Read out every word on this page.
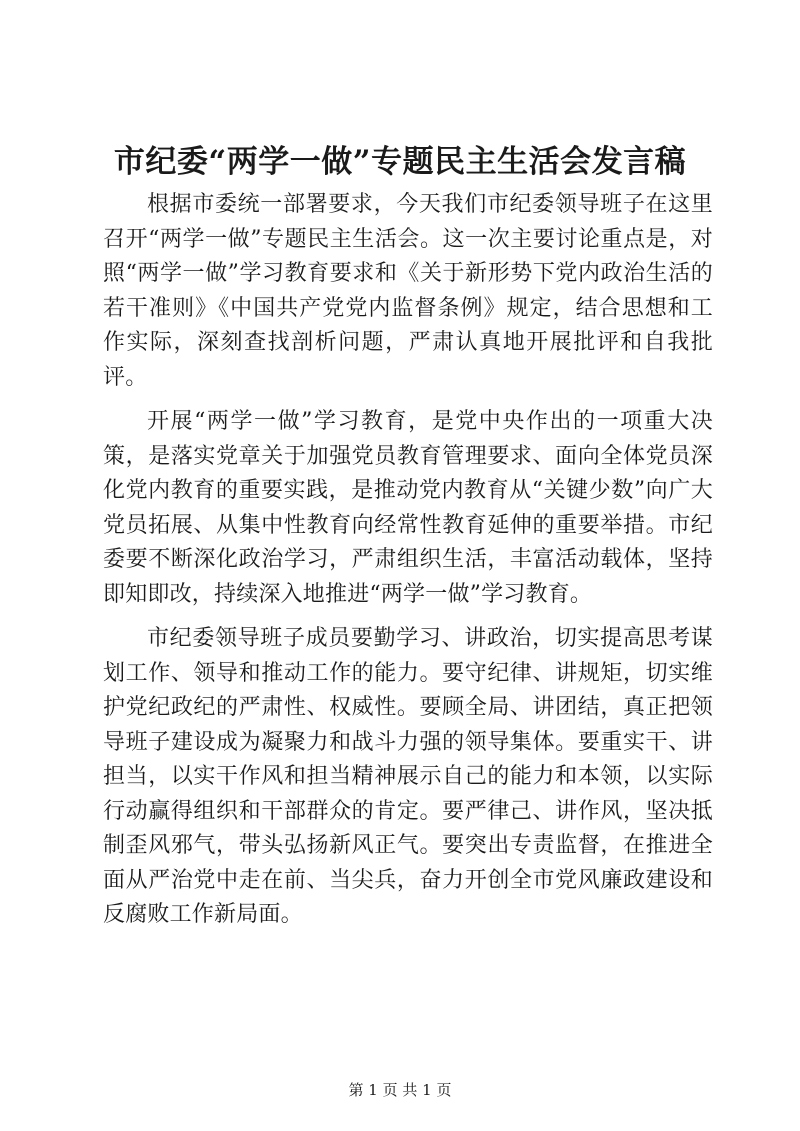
市纪委“两学一做”专题民主生活会发言稿

根据市委统一部署要求，今天我们市纪委领导班子在这里召开“两学一做”专题民主生活会。这一次主要讨论重点是，对照“两学一做”学习教育要求和《关于新形势下党内政治生活的若干准则》《中国共产党党内监督条例》规定，结合思想和工作实际，深刻查找剖析问题，严肃认真地开展批评和自我批评。

开展“两学一做”学习教育，是党中央作出的一项重大决策，是落实党章关于加强党员教育管理要求、面向全体党员深化党内教育的重要实践，是推动党内教育从“关键少数”向广大党员拓展、从集中性教育向经常性教育延伸的重要举措。市纪委要不断深化政治学习，严肃组织生活，丰富活动载体，坚持即知即改，持续深入地推进“两学一做”学习教育。

市纪委领导班子成员要勤学习、讲政治，切实提高思考谋划工作、领导和推动工作的能力。要守纪律、讲规矩，切实维护党纪政纪的严肃性、权威性。要顾全局、讲团结，真正把领导班子建设成为凝聚力和战斗力强的领导集体。要重实干、讲担当，以实干作风和担当精神展示自己的能力和本领，以实际行动赢得组织和干部群众的肯定。要严律己、讲作风，坚决抵制歪风邪气，带头弘扬新风正气。要突出专责监督，在推进全面从严治党中走在前、当尖兵，奋力开创全市党风廉政建设和反腐败工作新局面。

第 1 页 共 1 页
